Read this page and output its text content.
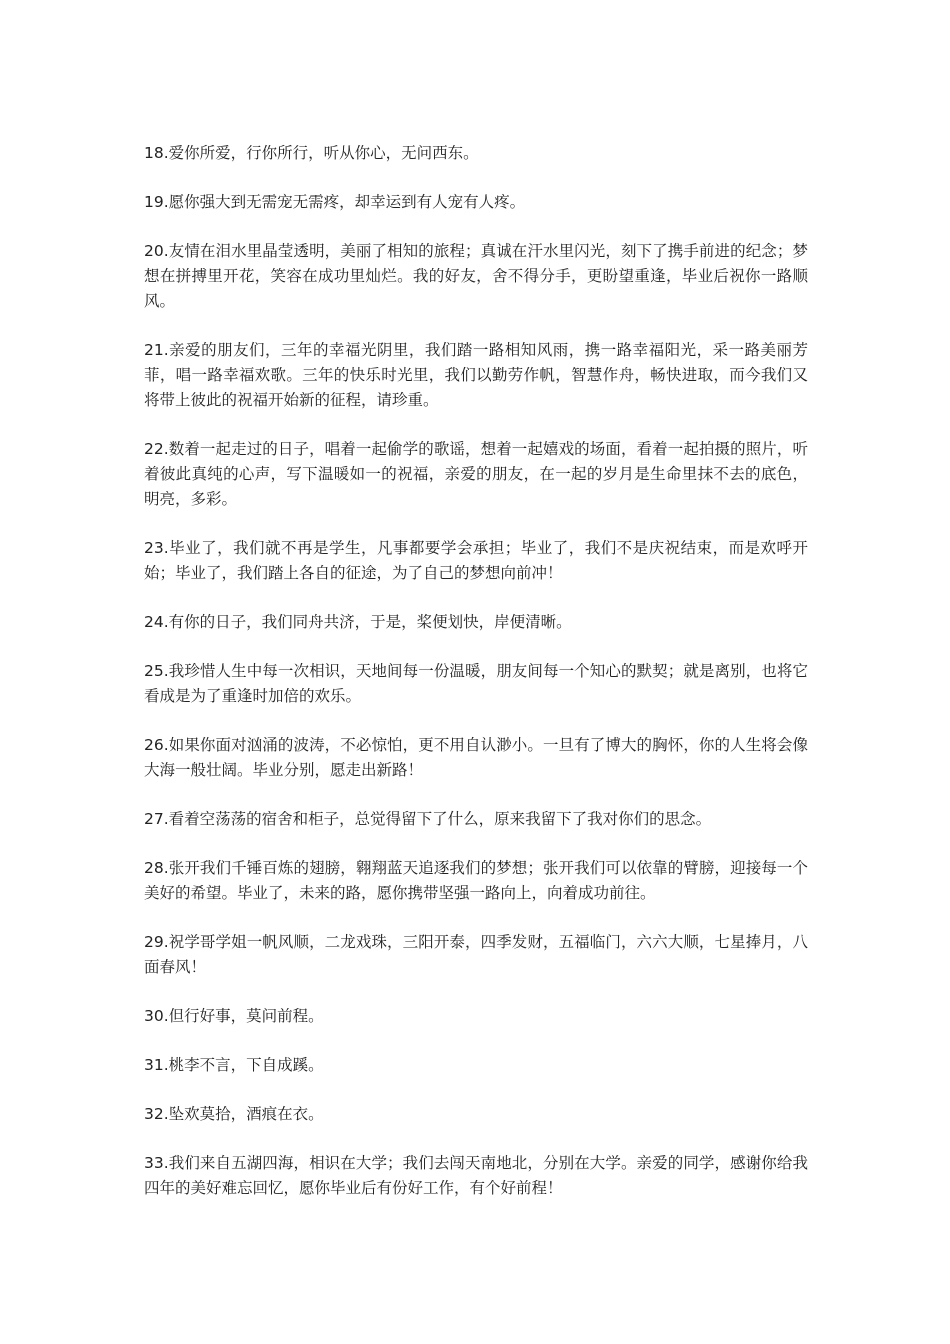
18.爱你所爱，行你所行，听从你心，无问西东。

19.愿你强大到无需宠无需疼，却幸运到有人宠有人疼。

20.友情在泪水里晶莹透明，美丽了相知的旅程；真诚在汗水里闪光，刻下了携手前进的纪念；梦想在拼搏里开花，笑容在成功里灿烂。我的好友，舍不得分手，更盼望重逢，毕业后祝你一路顺风。

21.亲爱的朋友们，三年的幸福光阴里，我们踏一路相知风雨，携一路幸福阳光，采一路美丽芳菲，唱一路幸福欢歌。三年的快乐时光里，我们以勤劳作帆，智慧作舟，畅快进取，而今我们又将带上彼此的祝福开始新的征程，请珍重。

22.数着一起走过的日子，唱着一起偷学的歌谣，想着一起嬉戏的场面，看着一起拍摄的照片，听着彼此真纯的心声，写下温暖如一的祝福，亲爱的朋友，在一起的岁月是生命里抹不去的底色，明亮，多彩。

23.毕业了，我们就不再是学生，凡事都要学会承担；毕业了，我们不是庆祝结束，而是欢呼开始；毕业了，我们踏上各自的征途，为了自己的梦想向前冲！

24.有你的日子，我们同舟共济，于是，桨便划快，岸便清晰。

25.我珍惜人生中每一次相识，天地间每一份温暖，朋友间每一个知心的默契；就是离别，也将它看成是为了重逢时加倍的欢乐。

26.如果你面对汹涌的波涛，不必惊怕，更不用自认渺小。一旦有了博大的胸怀，你的人生将会像大海一般壮阔。毕业分别，愿走出新路！

27.看着空荡荡的宿舍和柜子，总觉得留下了什么，原来我留下了我对你们的思念。

28.张开我们千锤百炼的翅膀，翱翔蓝天追逐我们的梦想；张开我们可以依靠的臂膀，迎接每一个美好的希望。毕业了，未来的路，愿你携带坚强一路向上，向着成功前往。

29.祝学哥学姐一帆风顺，二龙戏珠，三阳开泰，四季发财，五福临门，六六大顺，七星捧月，八面春风！

30.但行好事，莫问前程。

31.桃李不言，下自成蹊。

32.坠欢莫拾，酒痕在衣。

33.我们来自五湖四海，相识在大学；我们去闯天南地北，分别在大学。亲爱的同学，感谢你给我四年的美好难忘回忆，愿你毕业后有份好工作，有个好前程！
